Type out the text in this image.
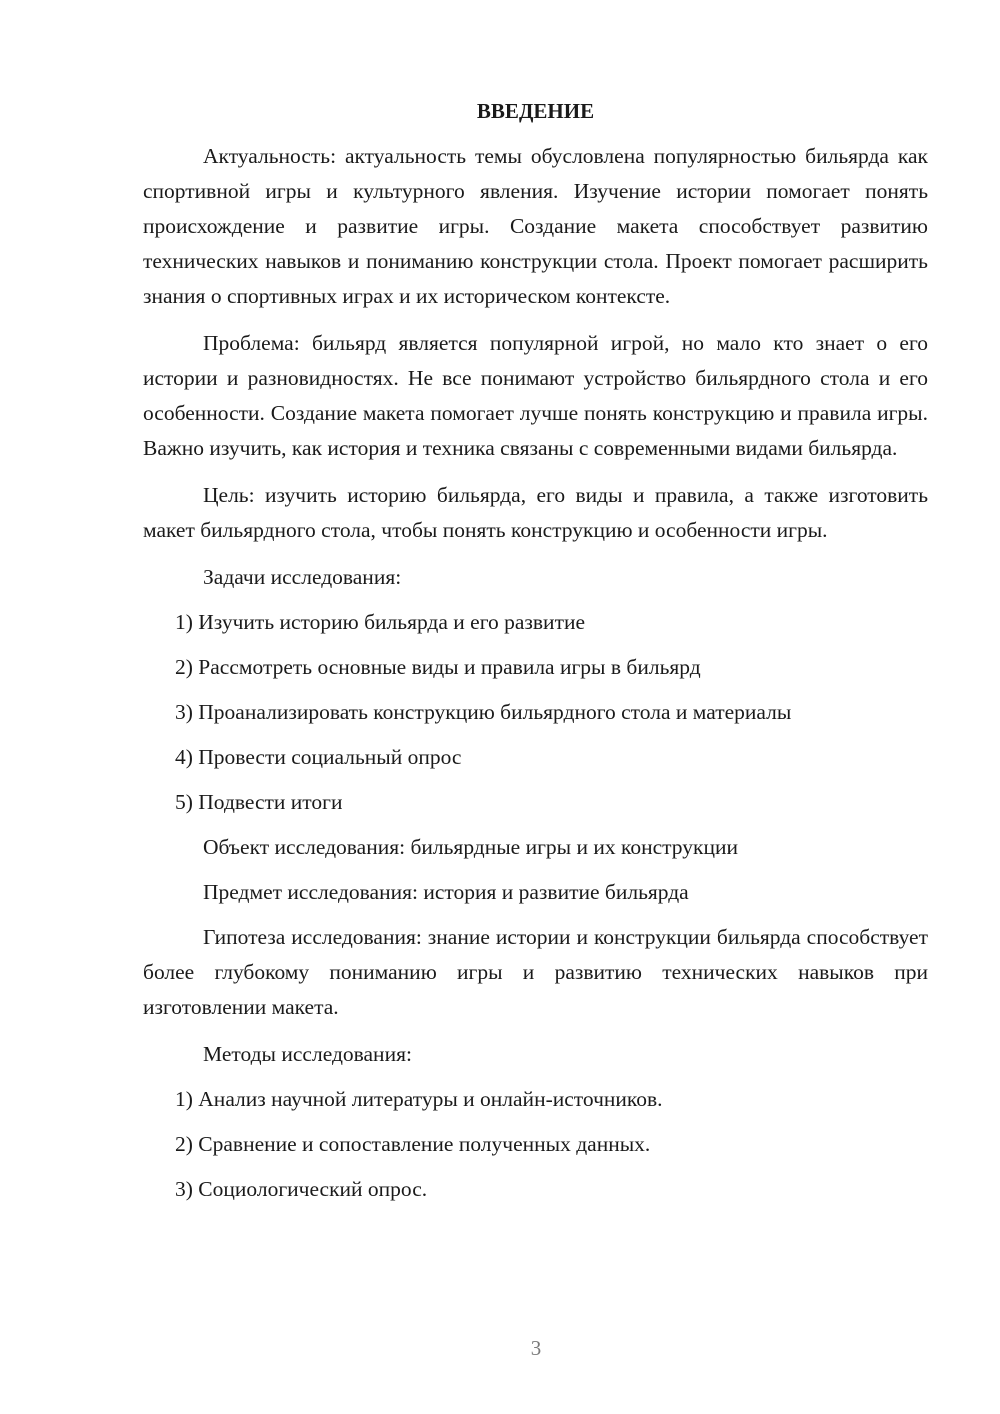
ВВЕДЕНИЕ

Актуальность: актуальность темы обусловлена популярностью бильярда как спортивной игры и культурного явления. Изучение истории помогает понять происхождение и развитие игры. Создание макета способствует развитию технических навыков и пониманию конструкции стола. Проект помогает расширить знания о спортивных играх и их историческом контексте.

Проблема: бильярд является популярной игрой, но мало кто знает о его истории и разновидностях. Не все понимают устройство бильярдного стола и его особенности. Создание макета помогает лучше понять конструкцию и правила игры. Важно изучить, как история и техника связаны с современными видами бильярда.

Цель: изучить историю бильярда, его виды и правила, а также изготовить макет бильярдного стола, чтобы понять конструкцию и особенности игры.

Задачи исследования:

1) Изучить историю бильярда и его развитие

2) Рассмотреть основные виды и правила игры в бильярд

3) Проанализировать конструкцию бильярдного стола и материалы

4) Провести социальный опрос

5) Подвести итоги

Объект исследования: бильярдные игры и их конструкции

Предмет исследования: история и развитие бильярда

Гипотеза исследования: знание истории и конструкции бильярда способствует более глубокому пониманию игры и развитию технических навыков при изготовлении макета.

Методы исследования:

1) Анализ научной литературы и онлайн-источников.

2) Сравнение и сопоставление полученных данных.

3) Социологический опрос.

3
